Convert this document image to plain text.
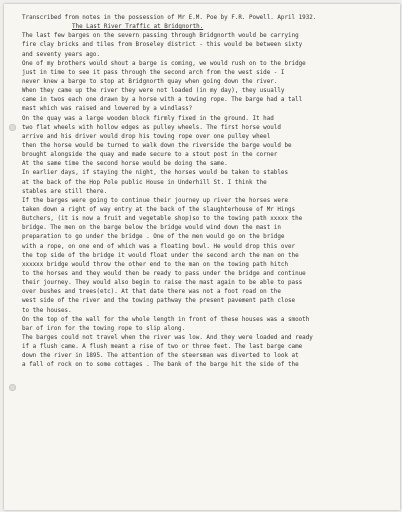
Transcribed from notes in the possession of Mr E.M. Poe by F.R. Powell. April 1932.
The Last River Traffic at Bridgnorth.
The last few barges on the severn passing through Bridgnorth would be carrying
fire clay bricks and tiles from Broseley district - this would be between sixty
and seventy years ago.
One of my brothers would shout a barge is coming, we would rush on to the bridge
just in time to see it pass through the second arch from the west side - I
never knew a barge to stop at Bridgnorth quay when going down the river.
When they came up the river they were not loaded (in my day), they usually
came in twos each one drawn by a horse with a towing rope. The barge had a tall
mast which was raised and lowered by a windlass?
On the quay was a large wooden block firmly fixed in the ground. It had
two flat wheels with hollow edges as pulley wheels. The first horse would
arrive and his driver would drop his towing rope over one pulley wheel
then the horse would be turned to walk down the riverside the barge would be
brought alongside the quay and made secure to a stout post in the corner
At the same time the second horse would be doing the same.
In earlier days, if staying the night, the horses would be taken to stables
at the back of the Hop Pole public House in Underhill St. I think the
stables are still there.
If the barges were going to continue their journey up river the horses were
taken down a right of way entry at the back of the slaughterhouse of Mr Hings
Butchers, (it is now a fruit and vegetable shop)so to the towing path xxxxx the
bridge. The men on the barge below the bridge would wind down the mast in
preparation to go under the bridge . One of the men would go on the bridge
with a rope, on one end of which was a floating bowl. He would drop this over
the top side of the bridge it would float under the second arch the man on the
xxxxxx bridge would throw the other end to the man on the towing path hitch
to the horses and they would then be ready to pass under the bridge and continue
their journey. They would also begin to raise the mast again to be able to pass
over bushes and trees(etc). At that date there was not a foot road on the
west side of the river and the towing pathway the present pavement path close
to the houses.
On the top of the wall for the whole length in front of these houses was a smooth
bar of iron for the towing rope to slip along.
The barges could not travel when the river was low. And they were loaded and ready
if a flush came. A flush meant a rise of two or three feet. The last barge came
down the river in 1895. The attention of the steersman was diverted to look at
a fall of rock on to some cottages . The bank of the barge hit the side of the
